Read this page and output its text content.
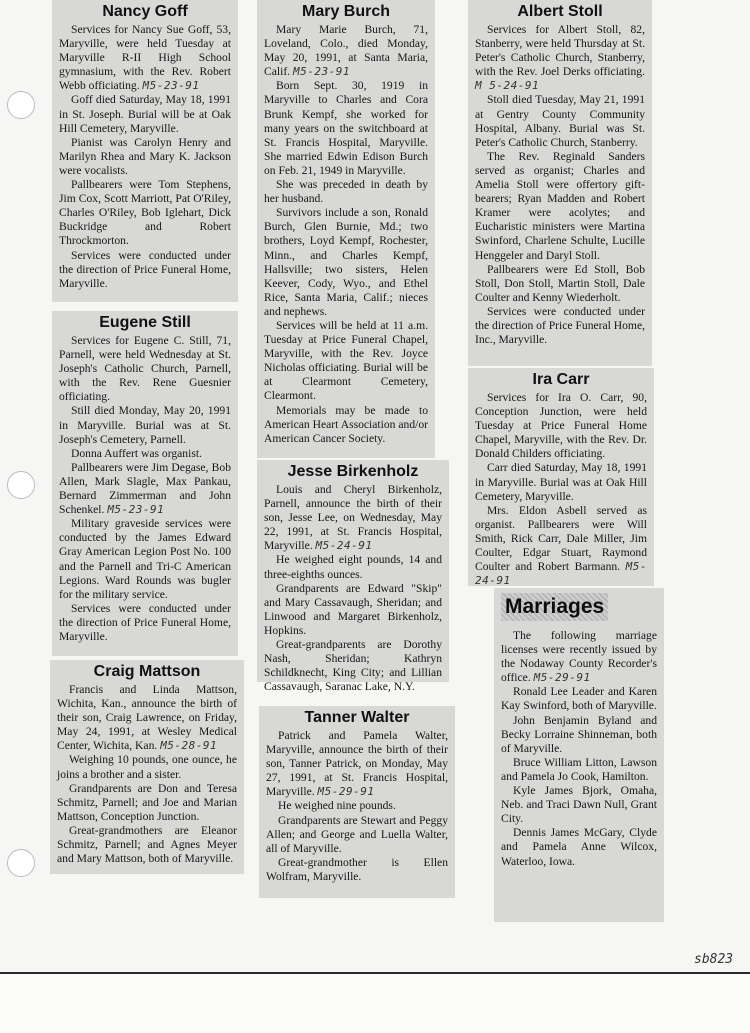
Nancy Goff

Services for Nancy Sue Goff, 53, Maryville, were held Tuesday at Maryville R-II High School gymnasium, with the Rev. Robert Webb officiating. M5-23-91

Goff died Saturday, May 18, 1991 in St. Joseph. Burial will be at Oak Hill Cemetery, Maryville.

Pianist was Carolyn Henry and Marilyn Rhea and Mary K. Jackson were vocalists.

Pallbearers were Tom Stephens, Jim Cox, Scott Marriott, Pat O'Riley, Charles O'Riley, Bob Iglehart, Dick Buckridge and Robert Throckmorton.

Services were conducted under the direction of Price Funeral Home, Maryville.

Eugene Still

Services for Eugene C. Still, 71, Parnell, were held Wednesday at St. Joseph's Catholic Church, Parnell, with the Rev. Rene Guesnier officiating.

Still died Monday, May 20, 1991 in Maryville. Burial was at St. Joseph's Cemetery, Parnell.

Donna Auffert was organist.

Pallbearers were Jim Degase, Bob Allen, Mark Slagle, Max Pankau, Bernard Zimmerman and John Schenkel. M5-23-91

Military graveside services were conducted by the James Edward Gray American Legion Post No. 100 and the Parnell and Tri-C American Legions. Ward Rounds was bugler for the military service.

Services were conducted under the direction of Price Funeral Home, Maryville.

Craig Mattson

Francis and Linda Mattson, Wichita, Kan., announce the birth of their son, Craig Lawrence, on Friday, May 24, 1991, at Wesley Medical Center, Wichita, Kan. M5-28-91

Weighing 10 pounds, one ounce, he joins a brother and a sister.

Grandparents are Don and Teresa Schmitz, Parnell; and Joe and Marian Mattson, Conception Junction.

Great-grandmothers are Eleanor Schmitz, Parnell; and Agnes Meyer and Mary Mattson, both of Maryville.

Mary Burch

Mary Marie Burch, 71, Loveland, Colo., died Monday, May 20, 1991, at Santa Maria, Calif. M5-23-91

Born Sept. 30, 1919 in Maryville to Charles and Cora Brunk Kempf, she worked for many years on the switchboard at St. Francis Hospital, Maryville. She married Edwin Edison Burch on Feb. 21, 1949 in Maryville.

She was preceded in death by her husband.

Survivors include a son, Ronald Burch, Glen Burnie, Md.; two brothers, Loyd Kempf, Rochester, Minn., and Charles Kempf, Hallsville; two sisters, Helen Keever, Cody, Wyo., and Ethel Rice, Santa Maria, Calif.; nieces and nephews.

Services will be held at 11 a.m. Tuesday at Price Funeral Chapel, Maryville, with the Rev. Joyce Nicholas officiating. Burial will be at Clearmont Cemetery, Clearmont.

Memorials may be made to American Heart Association and/or American Cancer Society.

Jesse Birkenholz

Louis and Cheryl Birkenholz, Parnell, announce the birth of their son, Jesse Lee, on Wednesday, May 22, 1991, at St. Francis Hospital, Maryville. M5-24-91

He weighed eight pounds, 14 and three-eighths ounces.

Grandparents are Edward "Skip" and Mary Cassavaugh, Sheridan; and Linwood and Margaret Birkenholz, Hopkins.

Great-grandparents are Dorothy Nash, Sheridan; Kathryn Schildknecht, King City; and Lillian Cassavaugh, Saranac Lake, N.Y.

Tanner Walter

Patrick and Pamela Walter, Maryville, announce the birth of their son, Tanner Patrick, on Monday, May 27, 1991, at St. Francis Hospital, Maryville. M5-29-91

He weighed nine pounds.

Grandparents are Stewart and Peggy Allen; and George and Luella Walter, all of Maryville.

Great-grandmother is Ellen Wolfram, Maryville.

Albert Stoll

Services for Albert Stoll, 82, Stanberry, were held Thursday at St. Peter's Catholic Church, Stanberry, with the Rev. Joel Derks officiating. M 5-24-91

Stoll died Tuesday, May 21, 1991 at Gentry County Community Hospital, Albany. Burial was St. Peter's Catholic Church, Stanberry.

The Rev. Reginald Sanders served as organist; Charles and Amelia Stoll were offertory gift-bearers; Ryan Madden and Robert Kramer were acolytes; and Eucharistic ministers were Martina Swinford, Charlene Schulte, Lucille Henggeler and Daryl Stoll.

Pallbearers were Ed Stoll, Bob Stoll, Don Stoll, Martin Stoll, Dale Coulter and Kenny Wiederholt.

Services were conducted under the direction of Price Funeral Home, Inc., Maryville.

Ira Carr

Services for Ira O. Carr, 90, Conception Junction, were held Tuesday at Price Funeral Home Chapel, Maryville, with the Rev. Dr. Donald Childers officiating.

Carr died Saturday, May 18, 1991 in Maryville. Burial was at Oak Hill Cemetery, Maryville.

Mrs. Eldon Asbell served as organist. Pallbearers were Will Smith, Rick Carr, Dale Miller, Jim Coulter, Edgar Stuart, Raymond Coulter and Robert Barmann. M5-24-91

Marriages

The following marriage licenses were recently issued by the Nodaway County Recorder's office. M5-29-91

Ronald Lee Leader and Karen Kay Swinford, both of Maryville.

John Benjamin Byland and Becky Lorraine Shinneman, both of Maryville.

Bruce William Litton, Lawson and Pamela Jo Cook, Hamilton.

Kyle James Bjork, Omaha, Neb. and Traci Dawn Null, Grant City.

Dennis James McGary, Clyde and Pamela Anne Wilcox, Waterloo, Iowa.

sb823
